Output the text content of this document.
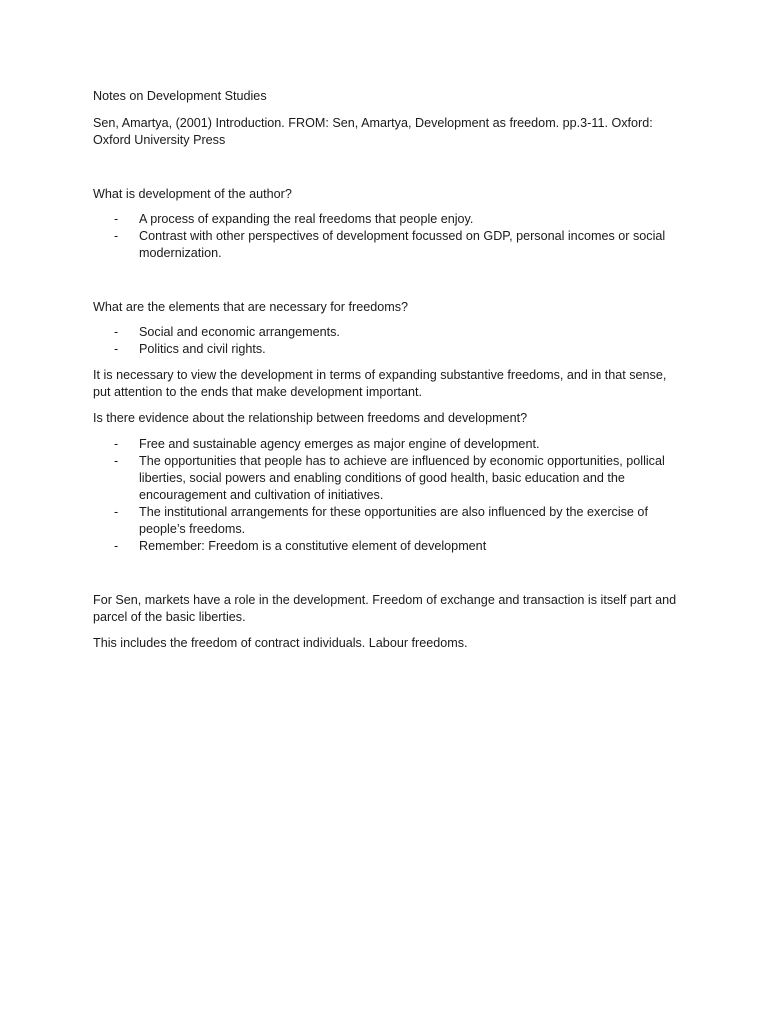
Notes on Development Studies

Sen, Amartya, (2001) Introduction. FROM: Sen, Amartya, Development as freedom. pp.3-11. Oxford: Oxford University Press

What is development of the author?

- A process of expanding the real freedoms that people enjoy.
- Contrast with other perspectives of development focussed on GDP, personal incomes or social modernization.

What are the elements that are necessary for freedoms?

- Social and economic arrangements.
- Politics and civil rights.

It is necessary to view the development in terms of expanding substantive freedoms, and in that sense, put attention to the ends that make development important.

Is there evidence about the relationship between freedoms and development?

- Free and sustainable agency emerges as major engine of development.
- The opportunities that people has to achieve are influenced by economic opportunities, pollical liberties, social powers and enabling conditions of good health, basic education and the encouragement and cultivation of initiatives.
- The institutional arrangements for these opportunities are also influenced by the exercise of people’s freedoms.
- Remember: Freedom is a constitutive element of development

For Sen, markets have a role in the development. Freedom of exchange and transaction is itself part and parcel of the basic liberties.

This includes the freedom of contract individuals. Labour freedoms.
